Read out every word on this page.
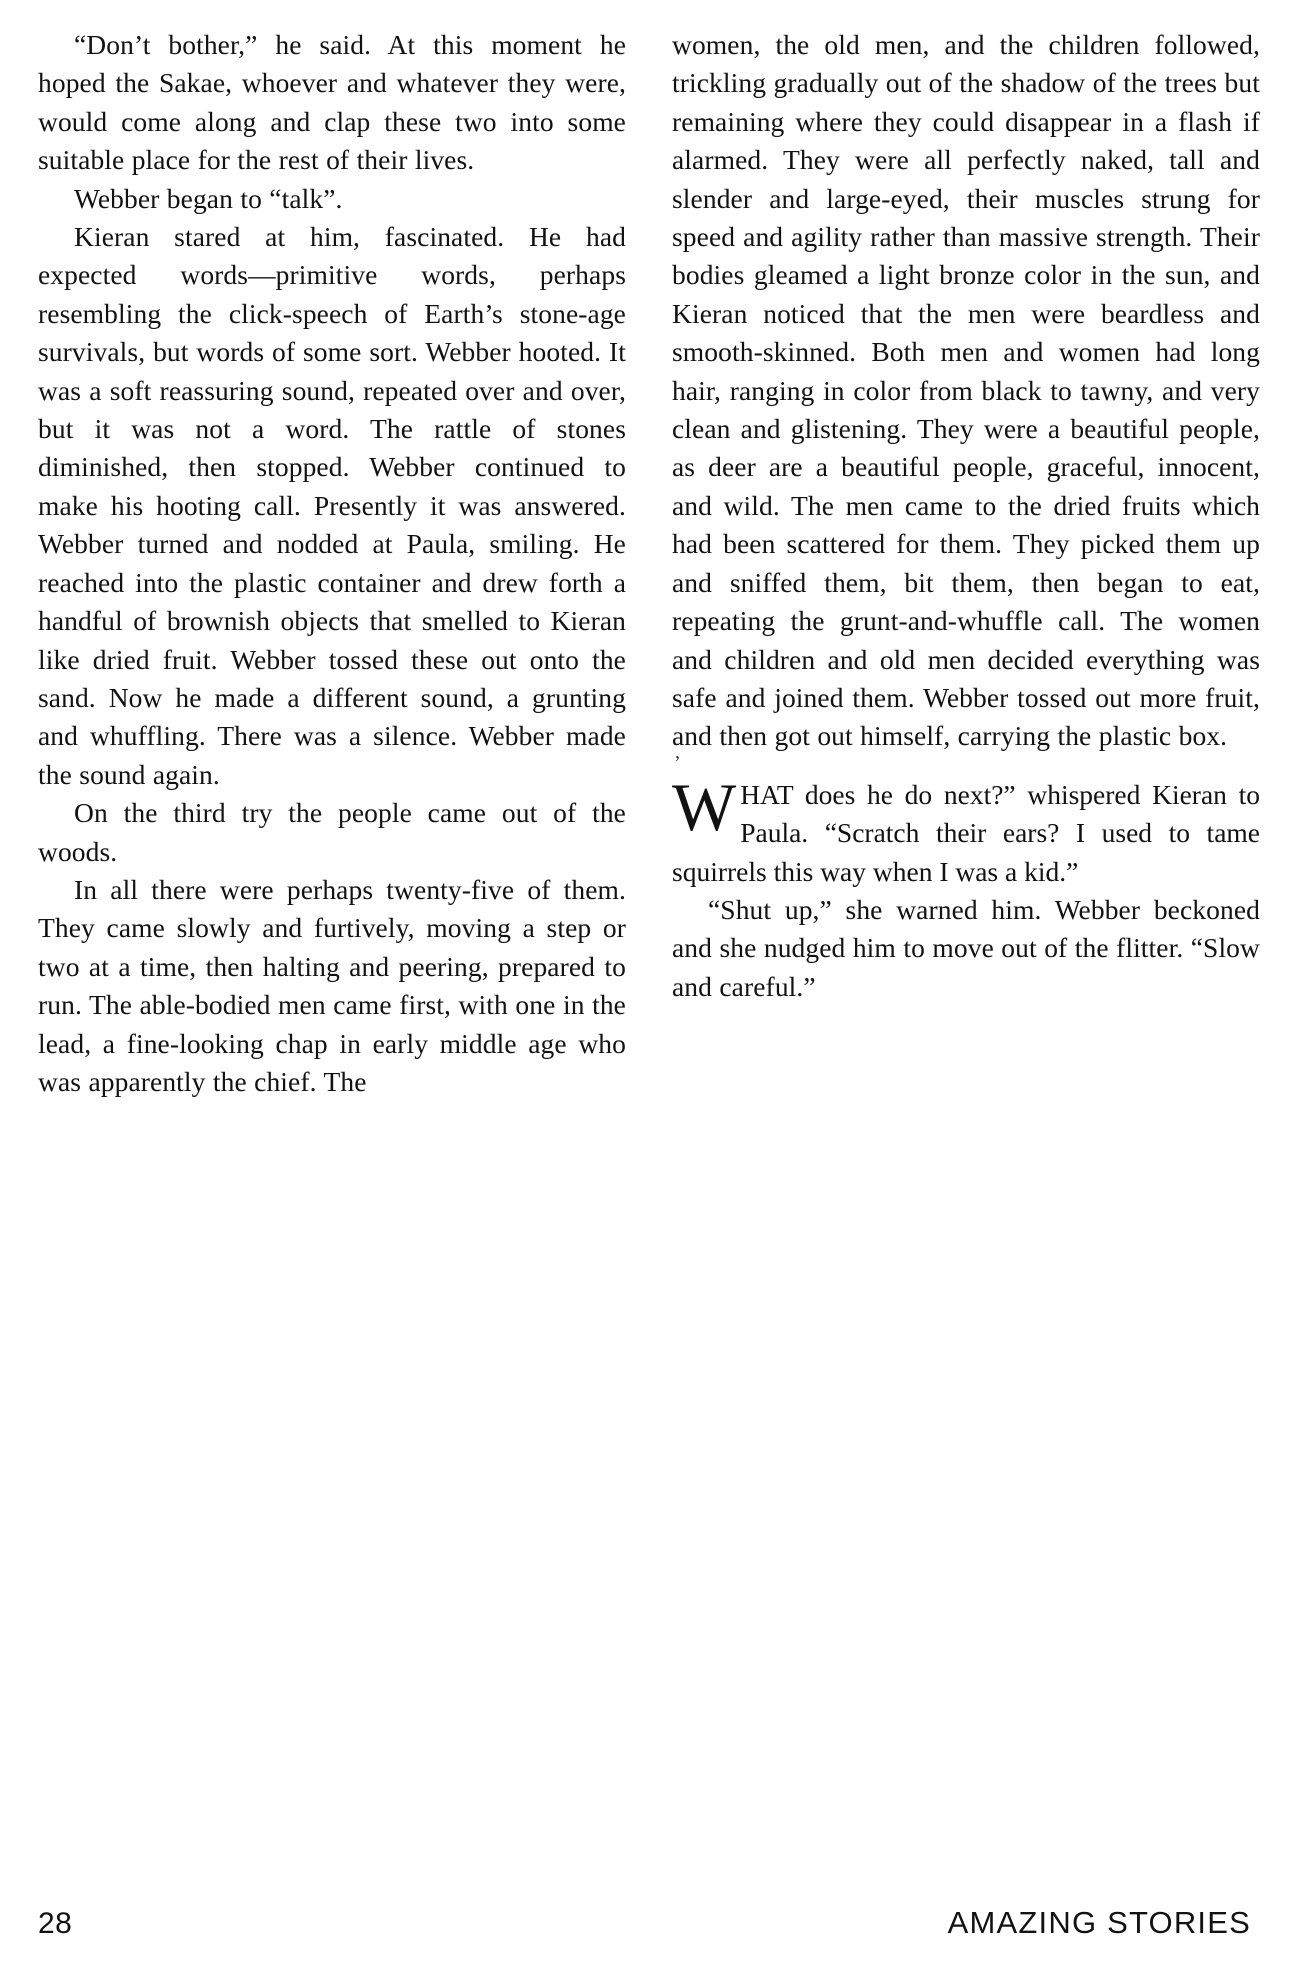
“Don’t bother,” he said. At this moment he hoped the Sakae, whoever and whatever they were, would come along and clap these two into some suitable place for the rest of their lives.

Webber began to “talk”.

Kieran stared at him, fascinated. He had expected words—primitive words, perhaps resembling the click-speech of Earth’s stone-age survivals, but words of some sort. Webber hooted. It was a soft reassuring sound, repeated over and over, but it was not a word. The rattle of stones diminished, then stopped. Webber continued to make his hooting call. Presently it was answered. Webber turned and nodded at Paula, smiling. He reached into the plastic container and drew forth a handful of brownish objects that smelled to Kieran like dried fruit. Webber tossed these out onto the sand. Now he made a different sound, a grunting and whuffling. There was a silence. Webber made the sound again.

On the third try the people came out of the woods.

In all there were perhaps twenty-five of them. They came slowly and furtively, moving a step or two at a time, then halting and peering, prepared to run. The able-bodied men came first, with one in the lead, a fine-looking chap in early middle age who was apparently the chief. The

women, the old men, and the children followed, trickling gradually out of the shadow of the trees but remaining where they could disappear in a flash if alarmed. They were all perfectly naked, tall and slender and large-eyed, their muscles strung for speed and agility rather than massive strength. Their bodies gleamed a light bronze color in the sun, and Kieran noticed that the men were beardless and smooth-skinned. Both men and women had long hair, ranging in color from black to tawny, and very clean and glistening. They were a beautiful people, as deer are a beautiful people, graceful, innocent, and wild. The men came to the dried fruits which had been scattered for them. They picked them up and sniffed them, bit them, then began to eat, repeating the grunt-and-whuffle call. The women and children and old men decided everything was safe and joined them. Webber tossed out more fruit, and then got out himself, carrying the plastic box.

’
WHAT does he do next?” whispered Kieran to Paula. “Scratch their ears? I used to tame squirrels this way when I was a kid.”

“Shut up,” she warned him. Webber beckoned and she nudged him to move out of the flitter. “Slow and careful.”

28	AMAZING STORIES
